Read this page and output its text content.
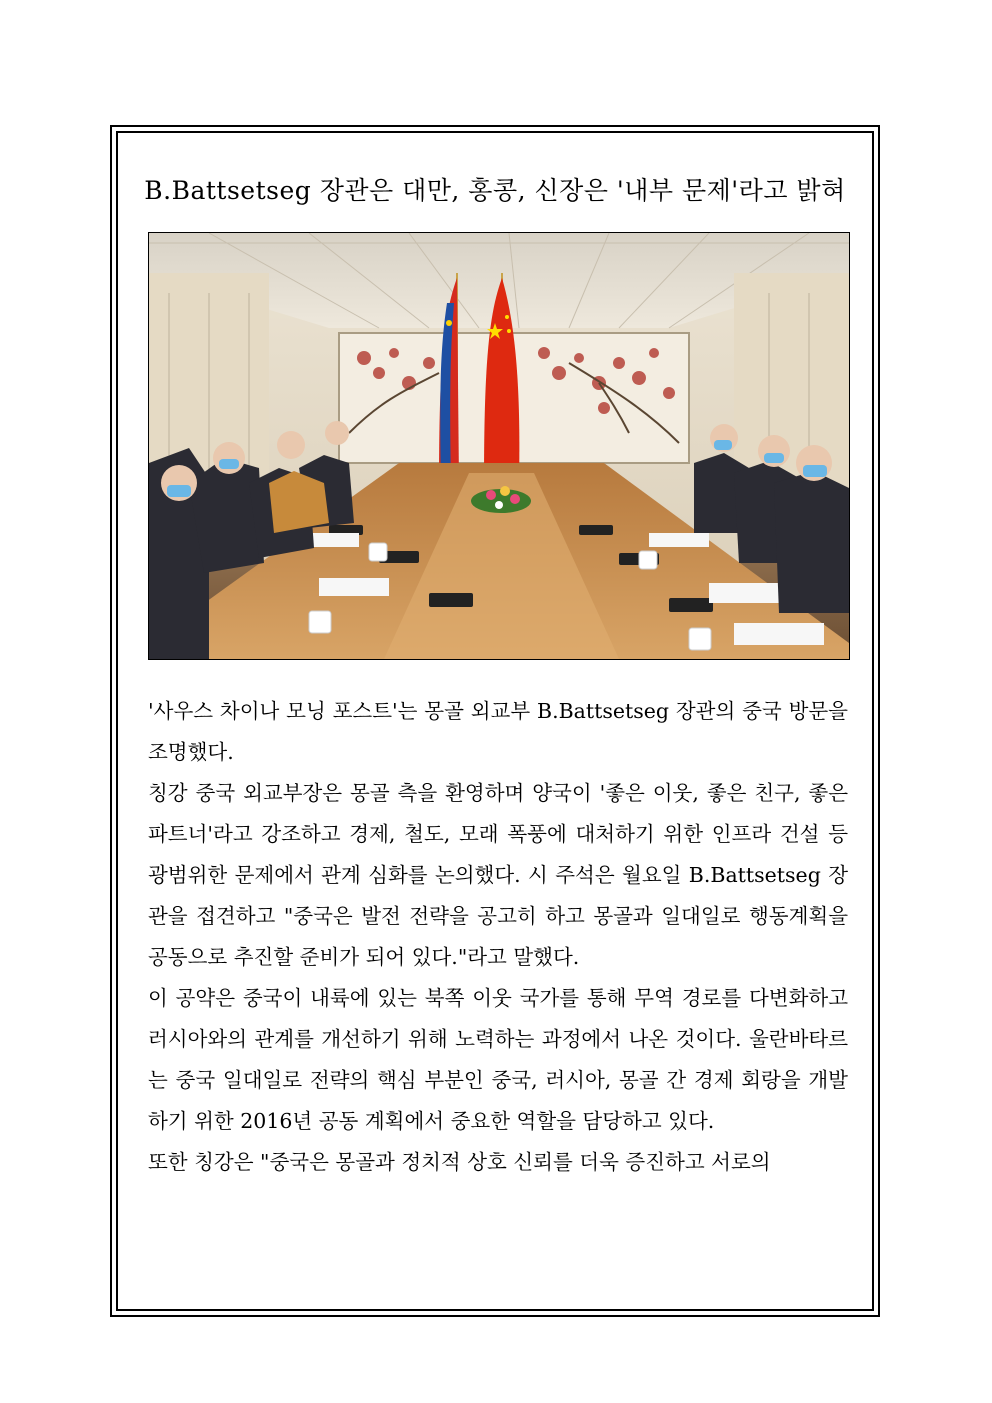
B.Battsetseg 장관은 대만, 홍콩, 신장은 '내부 문제'라고 밝혀

'사우스 차이나 모닝 포스트'는 몽골 외교부 B.Battsetseg 장관의 중국 방문을 조명했다.

칭강 중국 외교부장은 몽골 측을 환영하며 양국이 '좋은 이웃, 좋은 친구, 좋은 파트너'라고 강조하고 경제, 철도, 모래 폭풍에 대처하기 위한 인프라 건설 등 광범위한 문제에서 관계 심화를 논의했다. 시 주석은 월요일 B.Battsetseg 장관을 접견하고 "중국은 발전 전략을 공고히 하고 몽골과 일대일로 행동계획을 공동으로 추진할 준비가 되어 있다."라고 말했다.

이 공약은 중국이 내륙에 있는 북쪽 이웃 국가를 통해 무역 경로를 다변화하고 러시아와의 관계를 개선하기 위해 노력하는 과정에서 나온 것이다. 울란바타르는 중국 일대일로 전략의 핵심 부분인 중국, 러시아, 몽골 간 경제 회랑을 개발하기 위한 2016년 공동 계획에서 중요한 역할을 담당하고 있다.

또한 칭강은 "중국은 몽골과 정치적 상호 신뢰를 더욱 증진하고 서로의
